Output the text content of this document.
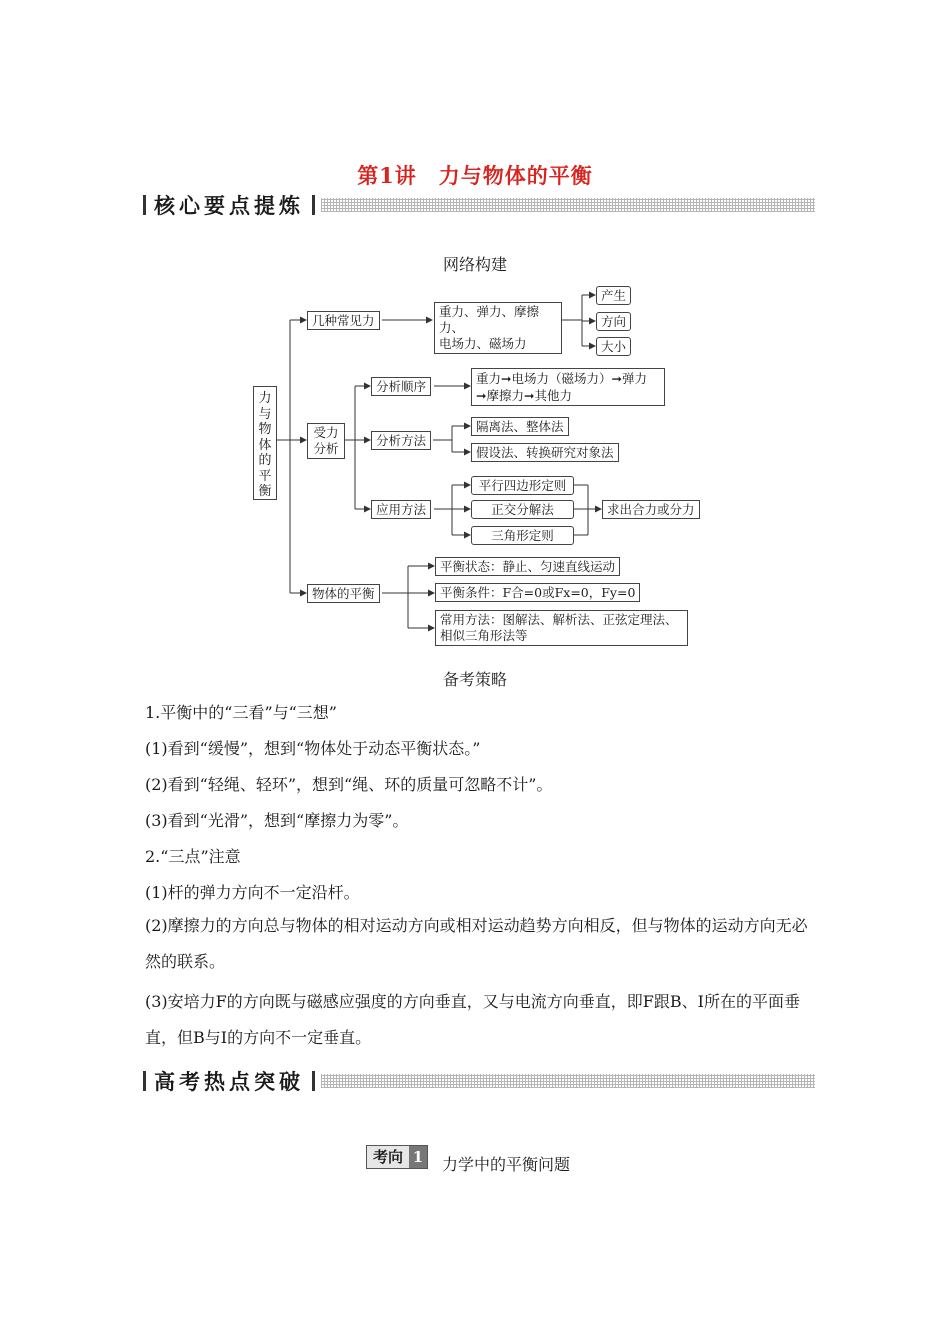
第1讲　力与物体的平衡
核心要点提炼
网络构建
力与物体的平衡
几种常见力
重力、弹力、摩擦力、
电场力、磁场力
产生
方向
大小
受力分析
分析顺序
重力➞电场力（磁场力）➞弹力
➞摩擦力➞其他力
分析方法
隔离法、整体法
假设法、转换研究对象法
应用方法
平行四边形定则
正交分解法
三角形定则
求出合力或分力
物体的平衡
平衡状态：静止、匀速直线运动
平衡条件：F合=0或Fx=0，Fy=0
常用方法：图解法、解析法、正弦定理法、
相似三角形法等
备考策略
1.平衡中的“三看”与“三想”
(1)看到“缓慢”，想到“物体处于动态平衡状态。”
(2)看到“轻绳、轻环”，想到“绳、环的质量可忽略不计”。
(3)看到“光滑”，想到“摩擦力为零”。
2.“三点”注意
(1)杆的弹力方向不一定沿杆。
(2)摩擦力的方向总与物体的相对运动方向或相对运动趋势方向相反，但与物体的运动方向无必然的联系。
(3)安培力F的方向既与磁感应强度的方向垂直，又与电流方向垂直，即F跟B、I所在的平面垂直，但B与I的方向不一定垂直。
高考热点突破
考向 1 力学中的平衡问题
